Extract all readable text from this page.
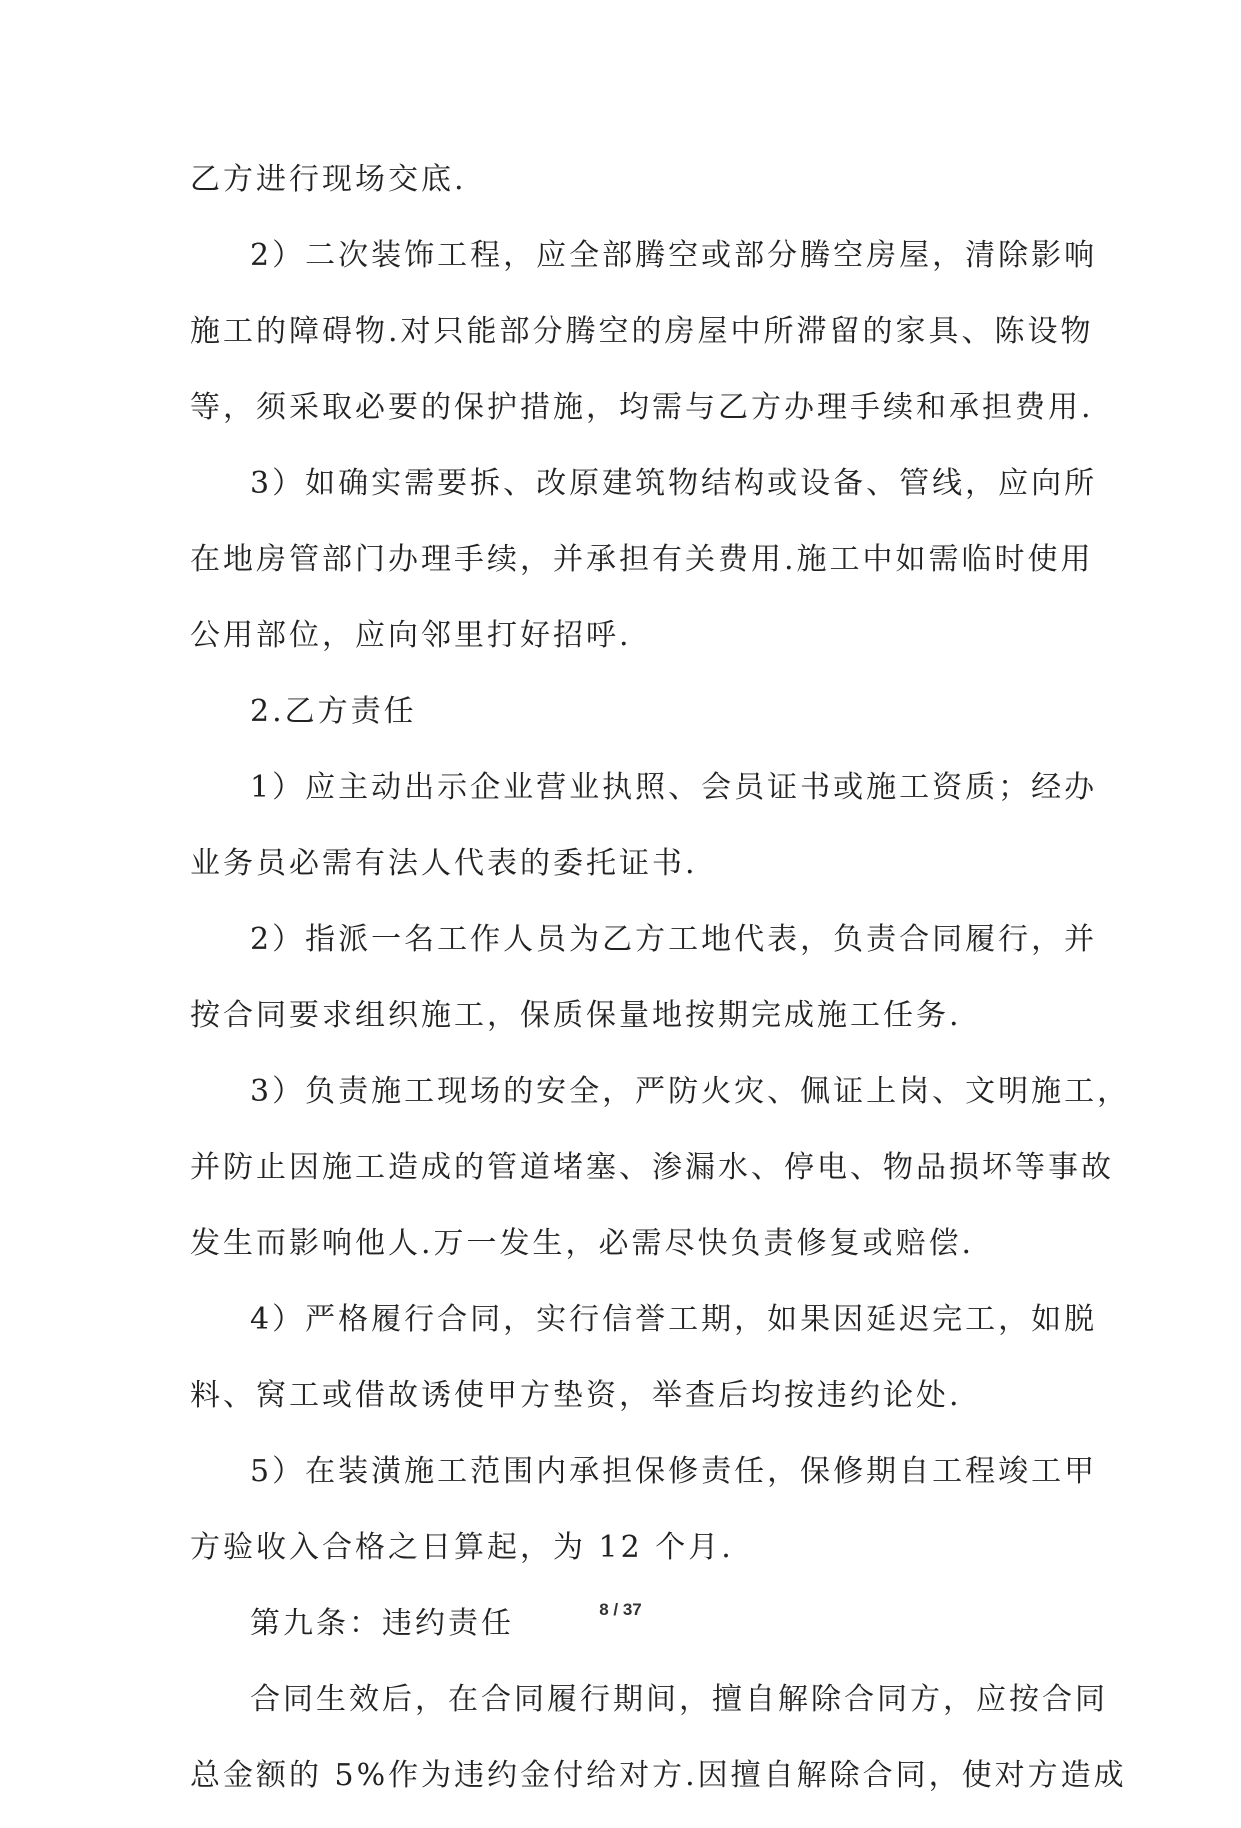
乙方进行现场交底.
2）二次装饰工程，应全部腾空或部分腾空房屋，清除影响
施工的障碍物.对只能部分腾空的房屋中所滞留的家具、陈设物
等，须采取必要的保护措施，均需与乙方办理手续和承担费用.
3）如确实需要拆、改原建筑物结构或设备、管线，应向所
在地房管部门办理手续，并承担有关费用.施工中如需临时使用
公用部位，应向邻里打好招呼.
2.乙方责任
1）应主动出示企业营业执照、会员证书或施工资质；经办
业务员必需有法人代表的委托证书.
2）指派一名工作人员为乙方工地代表，负责合同履行，并
按合同要求组织施工，保质保量地按期完成施工任务.
3）负责施工现场的安全，严防火灾、佩证上岗、文明施工，
并防止因施工造成的管道堵塞、渗漏水、停电、物品损坏等事故
发生而影响他人.万一发生，必需尽快负责修复或赔偿.
4）严格履行合同，实行信誉工期，如果因延迟完工，如脱
料、窝工或借故诱使甲方垫资，举查后均按违约论处.
5）在装潢施工范围内承担保修责任，保修期自工程竣工甲
方验收入合格之日算起，为 12 个月.
第九条：违约责任
合同生效后，在合同履行期间，擅自解除合同方，应按合同
总金额的 5%作为违约金付给对方.因擅自解除合同，使对方造成
8 / 37
